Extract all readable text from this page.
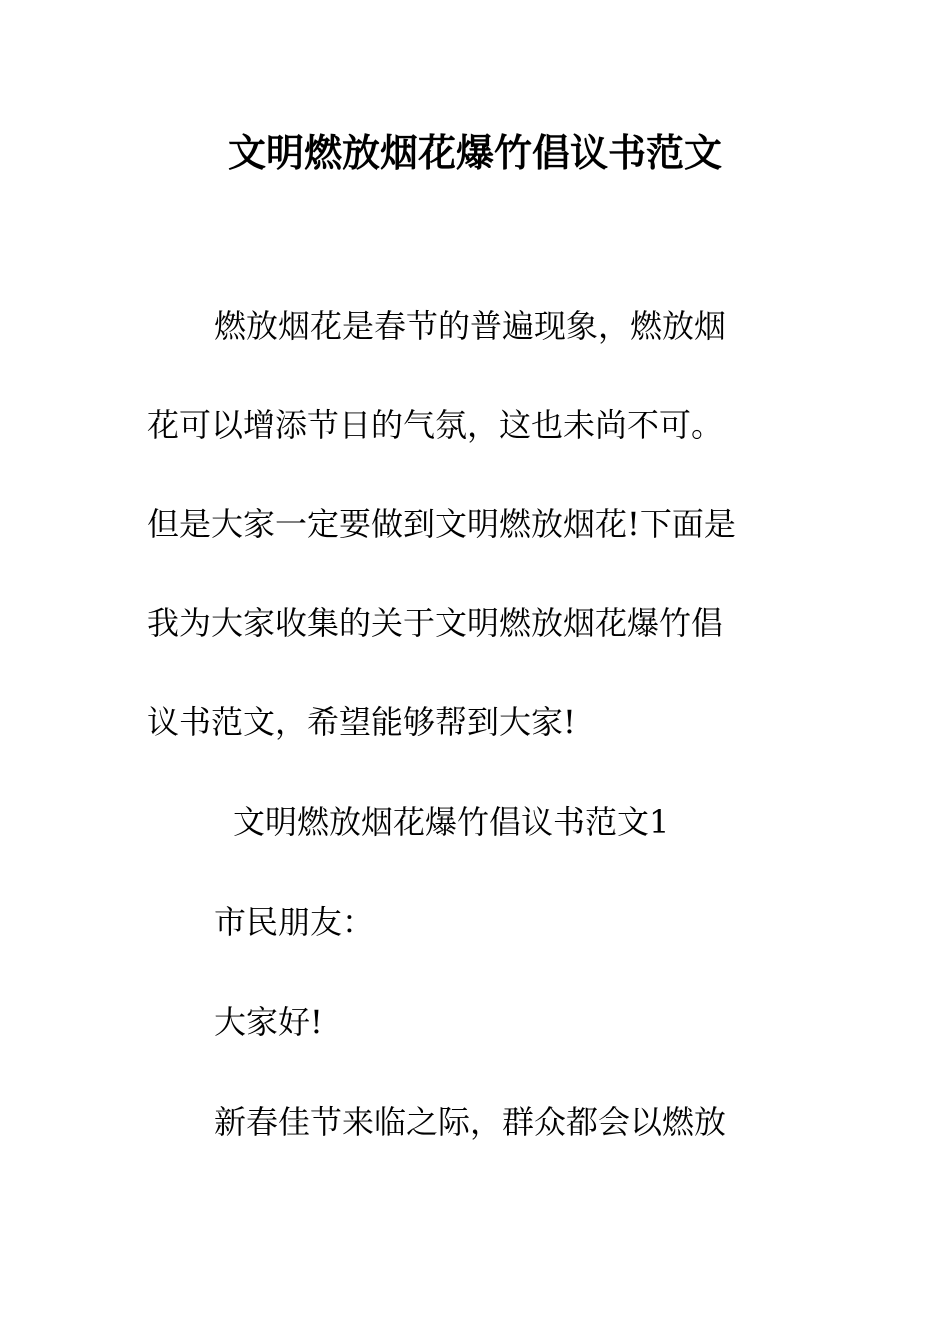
文明燃放烟花爆竹倡议书范文
燃放烟花是春节的普遍现象，燃放烟
花可以增添节日的气氛，这也未尚不可。
但是大家一定要做到文明燃放烟花!下面是
我为大家收集的关于文明燃放烟花爆竹倡
议书范文，希望能够帮到大家!
文明燃放烟花爆竹倡议书范文1
市民朋友：
大家好!
新春佳节来临之际，群众都会以燃放
